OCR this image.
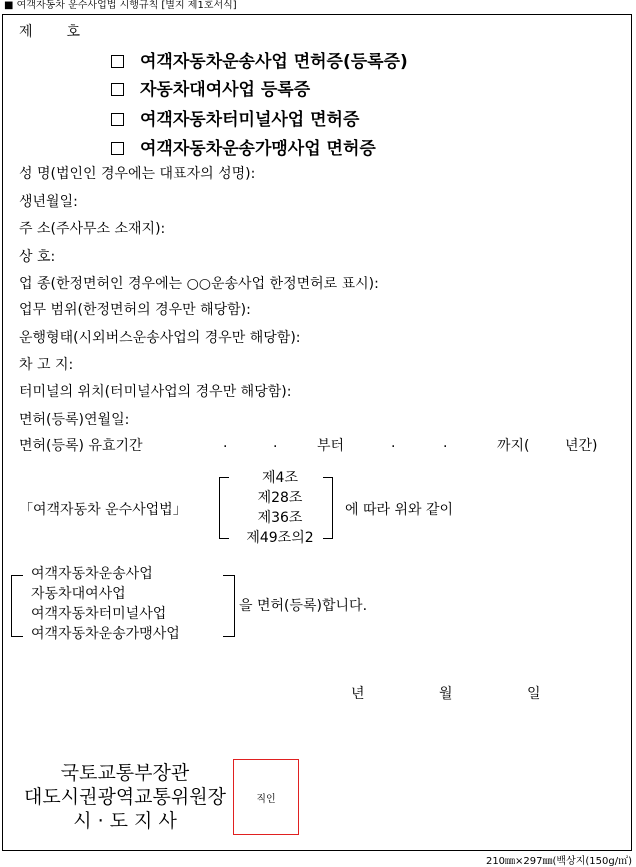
■ 여객자동차 운수사업법 시행규칙 [별지 제1호서식]
제 호
여객자동차운송사업 면허증(등록증)
자동차대여사업 등록증
여객자동차터미널사업 면허증
여객자동차운송가맹사업 면허증
성 명(법인인 경우에는 대표자의 성명):
생년월일:
주 소(주사무소 소재지):
상 호:
업 종(한정면허인 경우에는 ○○운송사업 한정면허로 표시):
업무 범위(한정면허의 경우만 해당함):
운행형태(시외버스운송사업의 경우만 해당함):
차 고 지:
터미널의 위치(터미널사업의 경우만 해당함):
면허(등록)연월일:
면허(등록) 유효기간	.	.	부터	.	.	까지(	년간)
「여객자동차 운수사업법」
제4조
제28조
제36조
제49조의2
에 따라 위와 같이
여객자동차운송사업
자동차대여사업
여객자동차터미널사업
여객자동차운송가맹사업
을 면허(등록)합니다.
년	월	일
국토교통부장관
대도시권광역교통위원장
시 · 도 지 사
직인
210㎜×297㎜(백상지(150g/㎡)
